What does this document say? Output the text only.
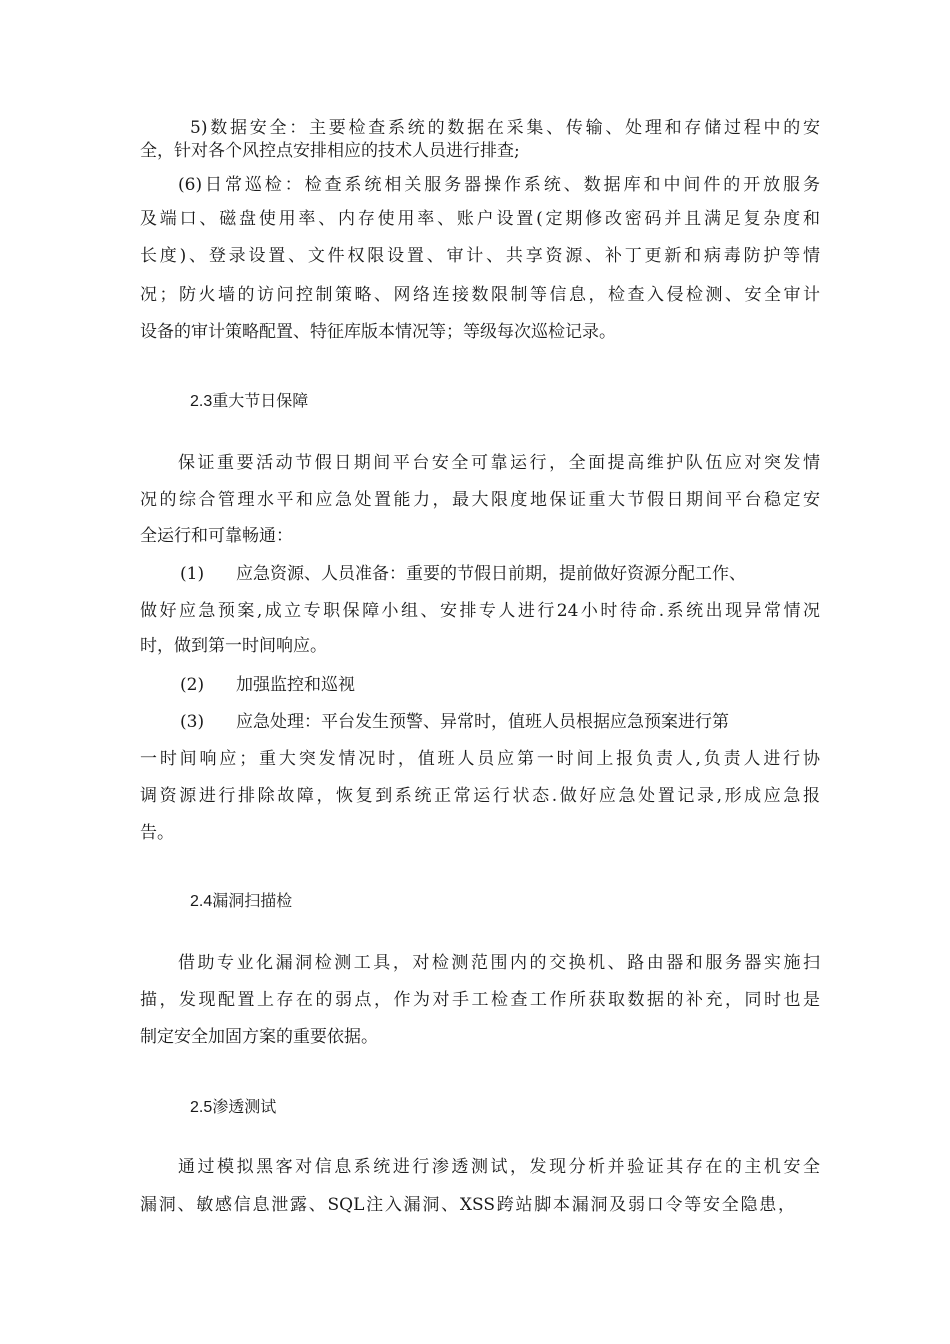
5)数据安全：主要检查系统的数据在采集、传输、处理和存储过程中的安
全，针对各个风控点安排相应的技术人员进行排查;
(6)日常巡检：检查系统相关服务器操作系统、数据库和中间件的开放服务
及端口、磁盘使用率、内存使用率、账户设置(定期修改密码并且满足复杂度和
长度)、登录设置、文件权限设置、审计、共享资源、补丁更新和病毒防护等情
况；防火墙的访问控制策略、网络连接数限制等信息，检查入侵检测、安全审计
设备的审计策略配置、特征库版本情况等；等级每次巡检记录。
2.3重大节日保障
保证重要活动节假日期间平台安全可靠运行，全面提高维护队伍应对突发情
况的综合管理水平和应急处置能力，最大限度地保证重大节假日期间平台稳定安
全运行和可靠畅通：
(1) 应急资源、人员准备：重要的节假日前期，提前做好资源分配工作、
做好应急预案,成立专职保障小组、安排专人进行24小时待命.系统出现异常情况
时，做到第一时间响应。
(2) 加强监控和巡视
(3) 应急处理：平台发生预警、异常时，值班人员根据应急预案进行第
一时间响应；重大突发情况时，值班人员应第一时间上报负责人,负责人进行协
调资源进行排除故障，恢复到系统正常运行状态.做好应急处置记录,形成应急报
告。
2.4漏洞扫描检
借助专业化漏洞检测工具，对检测范围内的交换机、路由器和服务器实施扫
描，发现配置上存在的弱点，作为对手工检查工作所获取数据的补充，同时也是
制定安全加固方案的重要依据。
2.5渗透测试
通过模拟黑客对信息系统进行渗透测试，发现分析并验证其存在的主机安全
漏洞、敏感信息泄露、SQL注入漏洞、XSS跨站脚本漏洞及弱口令等安全隐患，
